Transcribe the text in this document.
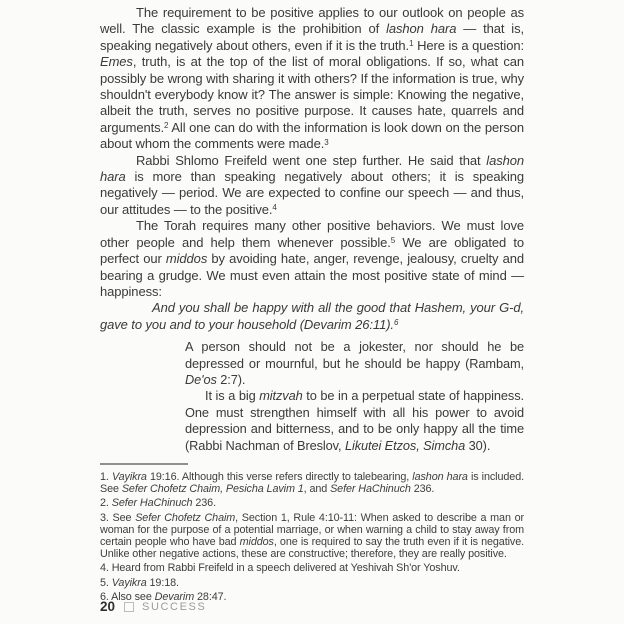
The requirement to be positive applies to our outlook on people as well. The classic example is the prohibition of lashon hara — that is, speaking negatively about others, even if it is the truth.$^1$ Here is a question: Emes, truth, is at the top of the list of moral obligations. If so, what can possibly be wrong with sharing it with others? If the information is true, why shouldn't everybody know it? The answer is simple: Knowing the negative, albeit the truth, serves no positive purpose. It causes hate, quarrels and arguments.$^2$ All one can do with the information is look down on the person about whom the comments were made.$^3$

Rabbi Shlomo Freifeld went one step further. He said that lashon hara is more than speaking negatively about others; it is speaking negatively — period. We are expected to confine our speech — and thus, our attitudes — to the positive.$^4$

The Torah requires many other positive behaviors. We must love other people and help them whenever possible.$^5$ We are obligated to perfect our middos by avoiding hate, anger, revenge, jealousy, cruelty and bearing a grudge. We must even attain the most positive state of mind — happiness:

And you shall be happy with all the good that Hashem, your G-d, gave to you and to your household (Devarim 26:11).$^6$

A person should not be a jokester, nor should he be depressed or mournful, but he should be happy (Rambam, De'os 2:7).
It is a big mitzvah to be in a perpetual state of happiness. One must strengthen himself with all his power to avoid depression and bitterness, and to be only happy all the time (Rabbi Nachman of Breslov, Likutei Etzos, Simcha 30).

1. Vayikra 19:16. Although this verse refers directly to talebearing, lashon hara is included. See Sefer Chofetz Chaim, Pesicha Lavim 1, and Sefer HaChinuch 236.

2. Sefer HaChinuch 236.

3. See Sefer Chofetz Chaim, Section 1, Rule 4:10-11: When asked to describe a man or woman for the purpose of a potential marriage, or when warning a child to stay away from certain people who have bad middos, one is required to say the truth even if it is negative. Unlike other negative actions, these are constructive; therefore, they are really positive.

4. Heard from Rabbi Freifeld in a speech delivered at Yeshivah Sh'or Yoshuv.

5. Vayikra 19:18.

6. Also see Devarim 28:47.

20 SUCCESS
